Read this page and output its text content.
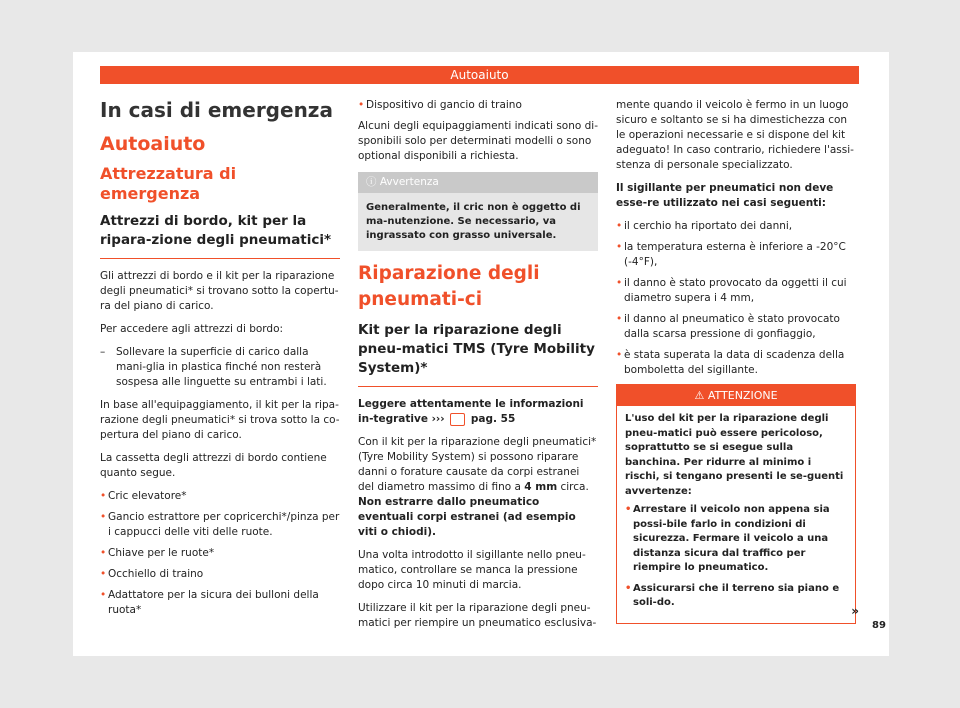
Autoaiuto
In casi di emergenza
Autoaiuto
Attrezzatura di emergenza
Attrezzi di bordo, kit per la ripara-zione degli pneumatici*

Gli attrezzi di bordo e il kit per la riparazione degli pneumatici* si trovano sotto la copertu-ra del piano di carico.

Per accedere agli attrezzi di bordo:

– Sollevare la superficie di carico dalla mani-glia in plastica finché non resterà sospesa alle linguette su entrambi i lati.

In base all'equipaggiamento, il kit per la ripa-razione degli pneumatici* si trova sotto la co-pertura del piano di carico.

La cassetta degli attrezzi di bordo contiene quanto segue.

• Cric elevatore*
• Gancio estrattore per copricerchi*/pinza per i cappucci delle viti delle ruote.
• Chiave per le ruote*
• Occhiello di traino
• Adattatore per la sicura dei bulloni della ruota*
• Dispositivo di gancio di traino

Alcuni degli equipaggiamenti indicati sono di-sponibili solo per determinati modelli o sono optional disponibili a richiesta.

ⓘ Avvertenza
Generalmente, il cric non è oggetto di ma-nutenzione. Se necessario, va ingrassato con grasso universale.
Riparazione degli pneumati-ci
Kit per la riparazione degli pneu-matici TMS (Tyre Mobility System)*

Leggere attentamente le informazioni in-tegrative ›››  pag. 55

Con il kit per la riparazione degli pneumatici* (Tyre Mobility System) si possono riparare danni o forature causate da corpi estranei del diametro massimo di fino a 4 mm circa. Non estrarre dallo pneumatico eventuali corpi estranei (ad esempio viti o chiodi).

Una volta introdotto il sigillante nello pneu-matico, controllare se manca la pressione dopo circa 10 minuti di marcia.

Utilizzare il kit per la riparazione degli pneu-matici per riempire un pneumatico esclusiva-

mente quando il veicolo è fermo in un luogo sicuro e soltanto se si ha dimestichezza con le operazioni necessarie e si dispone del kit adeguato! In caso contrario, richiedere l'assi-stenza di personale specializzato.

Il sigillante per pneumatici non deve esse-re utilizzato nei casi seguenti:

• il cerchio ha riportato dei danni,
• la temperatura esterna è inferiore a -20°C (-4°F),
• il danno è stato provocato da oggetti il cui diametro supera i 4 mm,
• il danno al pneumatico è stato provocato dalla scarsa pressione di gonfiaggio,
• è stata superata la data di scadenza della bomboletta del sigillante.
⚠ ATTENZIONE

L'uso del kit per la riparazione degli pneu-matici può essere pericoloso, soprattutto se si esegue sulla banchina. Per ridurre al minimo i rischi, si tengano presenti le se-guenti avvertenze:

• Arrestare il veicolo non appena sia possi-bile farlo in condizioni di sicurezza. Fermare il veicolo a una distanza sicura dal traffico per riempire lo pneumatico.
• Assicurarsi che il terreno sia piano e soli-do.
»
89
